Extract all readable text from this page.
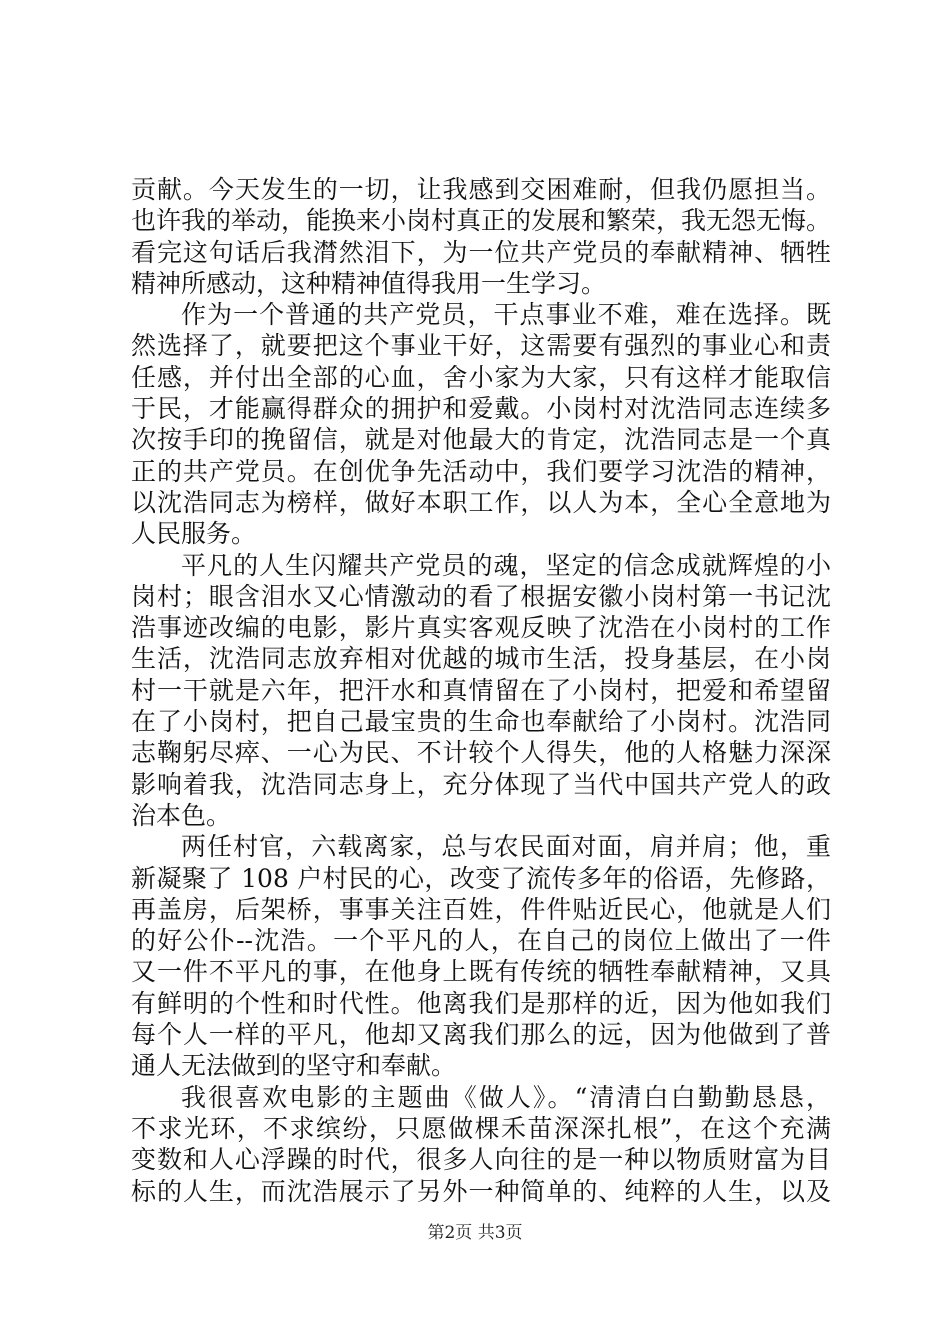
贡献。今天发生的一切，让我感到交困难耐，但我仍愿担当。
也许我的举动，能换来小岗村真正的发展和繁荣，我无怨无悔。
看完这句话后我潸然泪下，为一位共产党员的奉献精神、牺牲
精神所感动，这种精神值得我用一生学习。
作为一个普通的共产党员，干点事业不难，难在选择。既
然选择了，就要把这个事业干好，这需要有强烈的事业心和责
任感，并付出全部的心血，舍小家为大家，只有这样才能取信
于民，才能赢得群众的拥护和爱戴。小岗村对沈浩同志连续多
次按手印的挽留信，就是对他最大的肯定，沈浩同志是一个真
正的共产党员。在创优争先活动中，我们要学习沈浩的精神，
以沈浩同志为榜样，做好本职工作，以人为本，全心全意地为
人民服务。
平凡的人生闪耀共产党员的魂，坚定的信念成就辉煌的小
岗村；眼含泪水又心情激动的看了根据安徽小岗村第一书记沈
浩事迹改编的电影，影片真实客观反映了沈浩在小岗村的工作
生活，沈浩同志放弃相对优越的城市生活，投身基层，在小岗
村一干就是六年，把汗水和真情留在了小岗村，把爱和希望留
在了小岗村，把自己最宝贵的生命也奉献给了小岗村。沈浩同
志鞠躬尽瘁、一心为民、不计较个人得失，他的人格魅力深深
影响着我，沈浩同志身上，充分体现了当代中国共产党人的政
治本色。
两任村官，六载离家，总与农民面对面，肩并肩；他，重
新凝聚了 108 户村民的心，改变了流传多年的俗语，先修路，
再盖房，后架桥，事事关注百姓，件件贴近民心，他就是人们
的好公仆--沈浩。一个平凡的人，在自己的岗位上做出了一件
又一件不平凡的事，在他身上既有传统的牺牲奉献精神，又具
有鲜明的个性和时代性。他离我们是那样的近，因为他如我们
每个人一样的平凡，他却又离我们那么的远，因为他做到了普
通人无法做到的坚守和奉献。
我很喜欢电影的主题曲《做人》。“清清白白勤勤恳恳，
不求光环，不求缤纷，只愿做棵禾苗深深扎根”，在这个充满
变数和人心浮躁的时代，很多人向往的是一种以物质财富为目
标的人生，而沈浩展示了另外一种简单的、纯粹的人生，以及
第2页 共3页
